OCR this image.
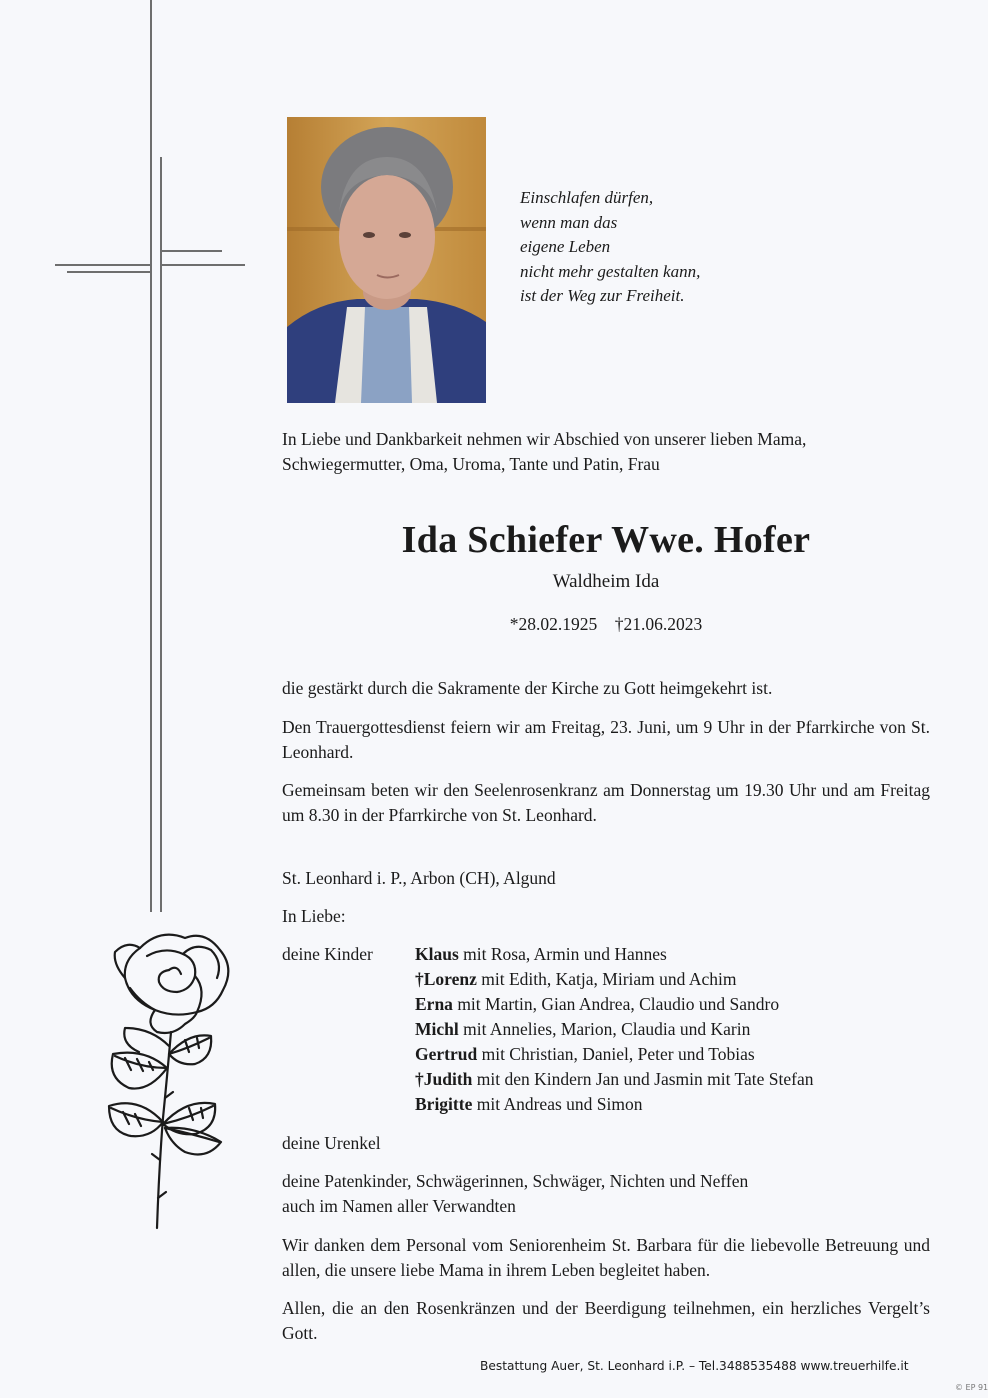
Einschlafen dürfen,
wenn man das
eigene Leben
nicht mehr gestalten kann,
ist der Weg zur Freiheit.
In Liebe und Dankbarkeit nehmen wir Abschied von unserer lieben Mama,
Schwiegermutter, Oma, Uroma, Tante und Patin, Frau
Ida Schiefer Wwe. Hofer
Waldheim Ida
*28.02.1925 †21.06.2023
die gestärkt durch die Sakramente der Kirche zu Gott heimgekehrt ist.
Den Trauergottesdienst feiern wir am Freitag, 23. Juni, um 9 Uhr in der Pfarrkirche von St. Leonhard.
Gemeinsam beten wir den Seelenrosenkranz am Donnerstag um 19.30 Uhr und am Freitag um 8.30 in der Pfarrkirche von St. Leonhard.
St. Leonhard i. P., Arbon (CH), Algund
In Liebe:
deine Kinder Klaus mit Rosa, Armin und Hannes
†Lorenz mit Edith, Katja, Miriam und Achim
Erna mit Martin, Gian Andrea, Claudio und Sandro
Michl mit Annelies, Marion, Claudia und Karin
Gertrud mit Christian, Daniel, Peter und Tobias
†Judith mit den Kindern Jan und Jasmin mit Tate Stefan
Brigitte mit Andreas und Simon
deine Urenkel
deine Patenkinder, Schwägerinnen, Schwäger, Nichten und Neffen
auch im Namen aller Verwandten
Wir danken dem Personal vom Seniorenheim St. Barbara für die liebevolle Betreuung und allen, die unsere liebe Mama in ihrem Leben begleitet haben.
Allen, die an den Rosenkränzen und der Beerdigung teilnehmen, ein herzliches Vergelt’s Gott.
Bestattung Auer, St. Leonhard i.P. – Tel.3488535488 www.treuerhilfe.it
© EP 91
